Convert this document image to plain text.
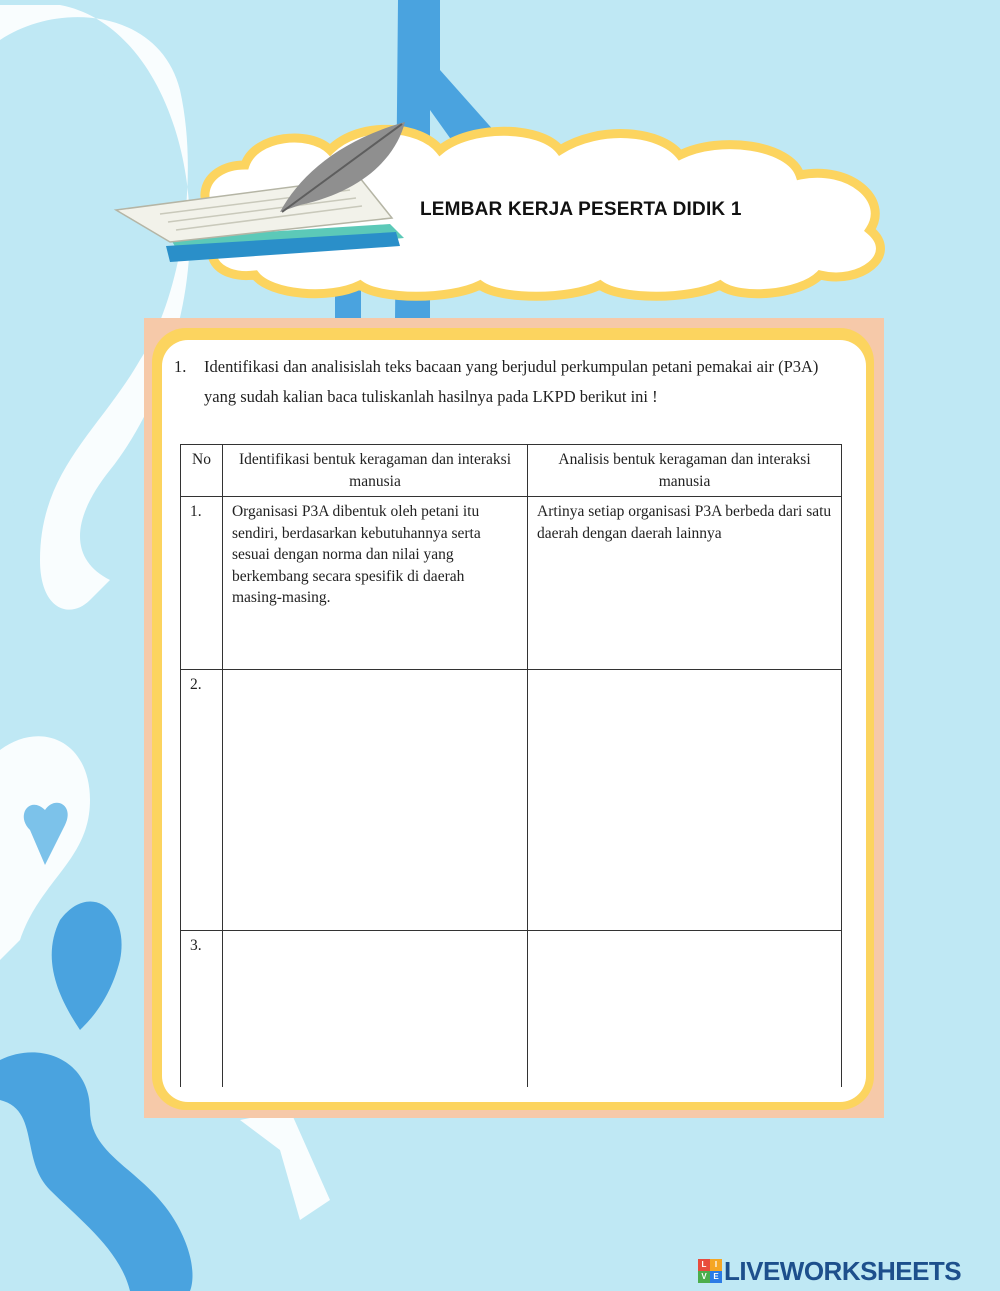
LEMBAR KERJA PESERTA DIDIK 1
1.	Identifikasi dan analisislah teks bacaan yang berjudul perkumpulan petani pemakai air (P3A) yang sudah kalian baca tuliskanlah hasilnya pada LKPD berikut ini !
No	Identifikasi bentuk keragaman dan interaksi manusia	Analisis bentuk keragaman dan interaksi manusia
1.	Organisasi P3A dibentuk oleh petani itu sendiri, berdasarkan kebutuhannya serta sesuai dengan norma dan nilai yang berkembang secara spesifik di daerah masing-masing.	Artinya setiap organisasi P3A berbeda dari satu daerah dengan daerah lainnya
2.		
3.		
L	I
V E LIVEWORKSHEETS
